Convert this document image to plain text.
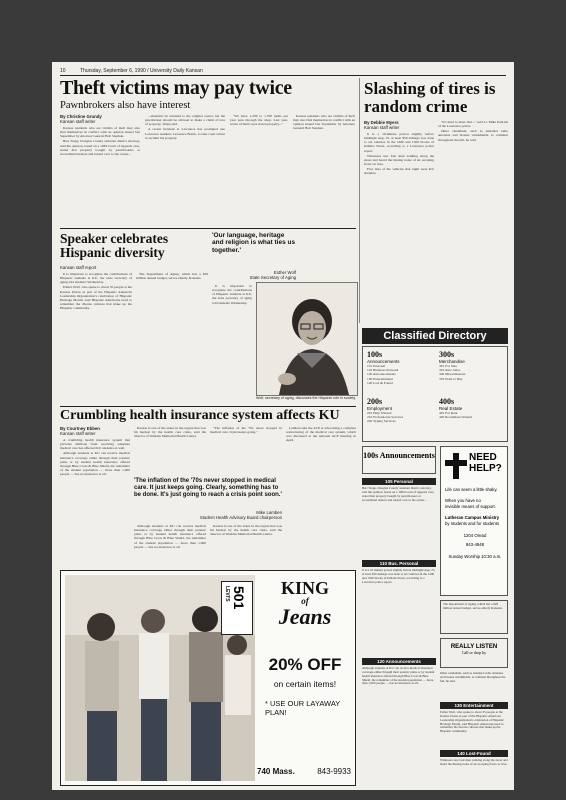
10	Thursday, September 6, 1990 / University Daily Kansan
Theft victims may pay twice
Pawnbrokers also have interest
By Christine Grundy
Kansan staff writer

Kansas residents who are victims of theft may also find themselves in conflict with an opinion issued last September by Attorney General Bob Stephan.

Bert Trupp, Douglas County assistant district attorney, said the opinion, based on a 1984 Court of Appeals case, stated that property bought by pawnbrokers or secondhand dealers and turned over to the owner...

...shouldn't be returned to the original owner, but the pawnbroker should be allowed to make a claim of loss of property, Trupp said.

A recent incident at Lawrence has prompted one Lawrence resident, Lawrence Bottle, to take court action to reclaim his property.

"We have 1,200 to 1,700 items per year pass through the shop. Last year, seven of them were stolen property..."

Kansas residents who are victims of theft may also find themselves in conflict with an opinion issued last September by Attorney General Bob Stephan.

Slashing of tires is random crime
By Debbie Myers
Kansan staff writer

It is a 10-minute period slightly before midnight Aug. 25, at least $50 damage was done to six vehicles in the 1400 and 1500 blocks of Indiana Street, according to a Lawrence police report.

Witnesses saw four men walking along the street and heard the hissing noise of air escaping from car tires.

Five tires of the vehicles that night were KU students.

"It's hard to deter that..." said Lt. Mike Pattrick of the Lawrence police.

Other vandalism, such as smashed radio antennas and broken windshields, is common throughout the fall, he said.

Speaker celebrates Hispanic diversity
Kansan staff report

It is important to recognize the contributions of Hispanic students at KU, the state secretary of aging told students Wednesday.

Esther Wolf, who spoke to about 35 people at the Kansas Union as part of the Hispanic American Leadership Organization's celebration of Hispanic Heritage Month, said Hispanic Americans need to remember the diverse cultures that make up the Hispanic community.

The Department of Aging, which has a $29 million annual budget, serves elderly Kansans.

'Our language, heritage and religion is what ties us together.'
Esther Wolf
State Secretary of Aging

It is important to recognize the contributions of Hispanic students at KU, the state secretary of aging told students Wednesday.

Wolf, secretary of aging, discusses the Hispanic role in society.
Classified Directory
100s
Announcements
101 Personal
110 Business Personal
120 Announcements
130 Entertainment
140 Lost & Found
300s
Merchandise
301 For Sale
310 Auto Sales
340 Miscellaneous
370 Want to Buy
200s
Employment
201 Help Wanted
210 Professional Services
220 Typing Services
400s
Real Estate
401 For Rent
420 Roommate Wanted
Crumbling health insurance system affects KU
By Courtney Ebben
Kansan staff writer

A crumbling health insurance system that prevents millions from receiving adequate medical care has affected KU students as well.

Although students at KU can receive medical insurance coverage either through their parents' plans or by student health insurance offered through Blue Cross & Blue Shield, the remainder of the student population — more than 1,000 people — has no insurance at all.

Kansas is one of the states in the region that was hit hardest by the health care crisis, said the director of Watkins Memorial Health Center.

"The inflation of the '70s never stopped in medical care. It just keeps going."

Lamben said the ACP is advocating a complete restructuring of the medical care system, which was discussed at the national ACP meeting in April.

'The inflation of the '70s never stopped in medical care. It just keeps going. Clearly, something has to be done. It's just going to reach a crisis point soon.'
Mike Lamben
Student Health Advisory Board chairperson

Although students at KU can receive medical insurance coverage either through their parents' plans or by student health insurance offered through Blue Cross & Blue Shield, the remainder of the student population — more than 1,000 people — has no insurance at all.

Kansas is one of the states in the region that was hit hardest by the health care crisis, said the director of Watkins Memorial Health Center.

LEVI'S 501	KING
of
Jeans
20% OFF
on certain items!
* USE OUR LAYAWAY PLAN!
740 Mass.	843-9933
100s Announcements
105 Personal
Bert Trupp, Douglas County assistant district attorney, said the opinion, based on a 1984 Court of Appeals case, stated that property bought by pawnbrokers or secondhand dealers and turned over to the owner...
110 Bus. Personal
It is a 10-minute period slightly before midnight Aug. 25, at least $50 damage was done to six vehicles in the 1400 and 1500 blocks of Indiana Street, according to a Lawrence police report.
120 Announcements
Although students at KU can receive medical insurance coverage either through their parents' plans or by student health insurance offered through Blue Cross & Blue Shield, the remainder of the student population — more than 1,000 people — has no insurance at all.
NEED HELP?
Life can seem a little shaky.
When you have no
invisible means of support.
Lutheran Campus Ministry
by students and for students
1204 Oread
843-4948
Sunday Worship 10:30 a.m.
The Department of Aging, which has a $29 million annual budget, serves elderly Kansans.
REALLY LISTEN
Call or drop by
Other vandalism, such as smashed radio antennas and broken windshields, is common throughout the fall, he said.
130 Entertainment
Esther Wolf, who spoke to about 35 people at the Kansas Union as part of the Hispanic American Leadership Organization's celebration of Hispanic Heritage Month, said Hispanic Americans need to remember the diverse cultures that make up the Hispanic community.
140 Lost-Found
Witnesses saw four men walking along the street and heard the hissing noise of air escaping from car tires.
